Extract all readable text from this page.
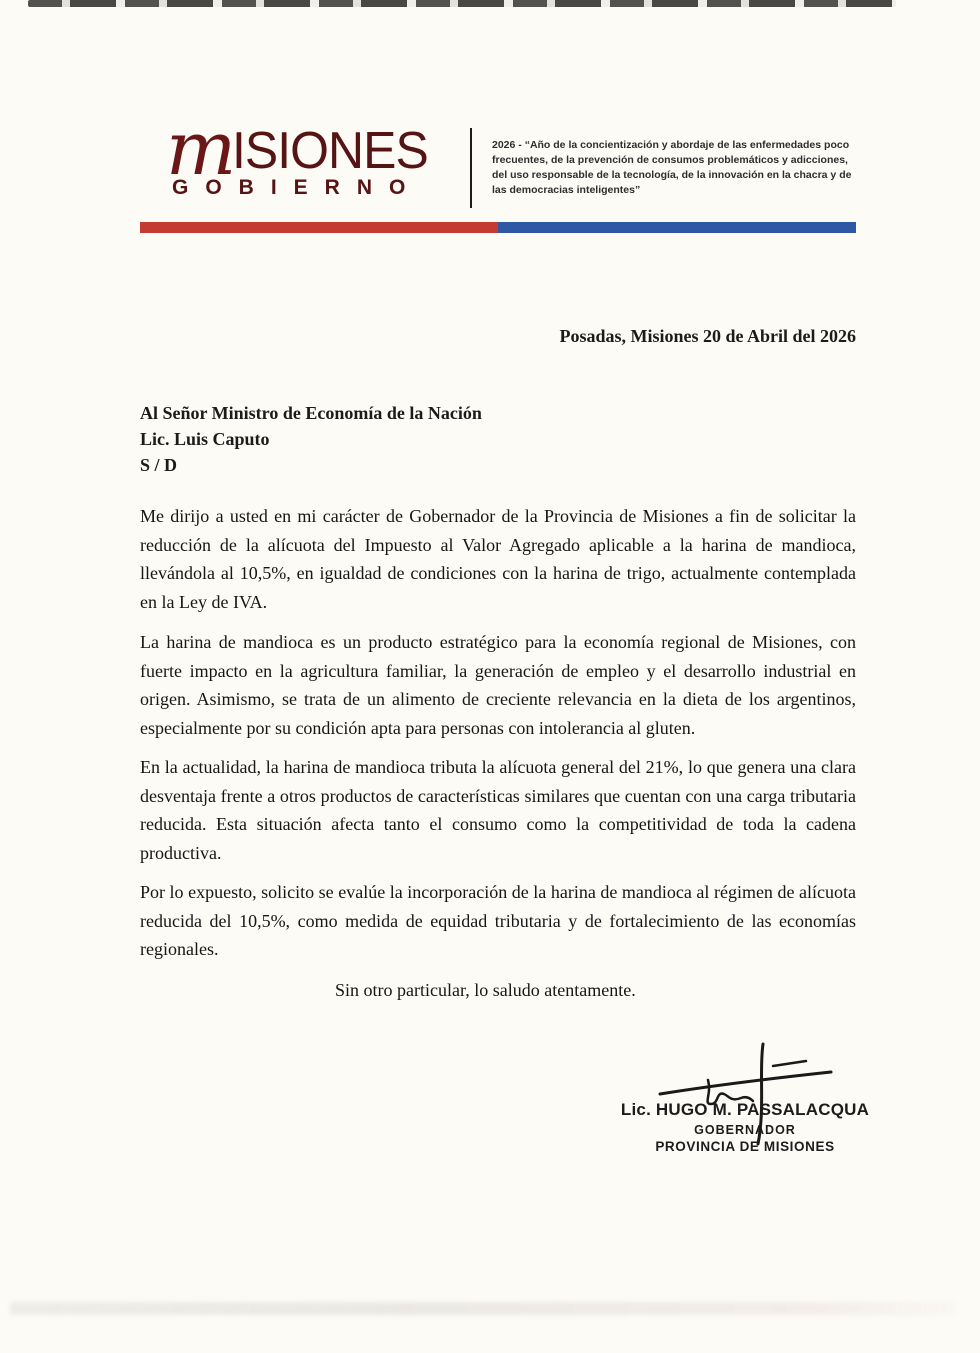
mISIONES
GOBIERNO
2026 - “Año de la concientización y abordaje de las enfermedades poco frecuentes, de la prevención de consumos problemáticos y adicciones, del uso responsable de la tecnología, de la innovación en la chacra y de las democracias inteligentes”
Posadas, Misiones 20 de Abril del 2026
Al Señor Ministro de Economía de la Nación
Lic. Luis Caputo
S / D

Me dirijo a usted en mi carácter de Gobernador de la Provincia de Misiones a fin de solicitar la reducción de la alícuota del Impuesto al Valor Agregado aplicable a la harina de mandioca, llevándola al 10,5%, en igualdad de condiciones con la harina de trigo, actualmente contemplada en la Ley de IVA.

La harina de mandioca es un producto estratégico para la economía regional de Misiones, con fuerte impacto en la agricultura familiar, la generación de empleo y el desarrollo industrial en origen. Asimismo, se trata de un alimento de creciente relevancia en la dieta de los argentinos, especialmente por su condición apta para personas con intolerancia al gluten.

En la actualidad, la harina de mandioca tributa la alícuota general del 21%, lo que genera una clara desventaja frente a otros productos de características similares que cuentan con una carga tributaria reducida. Esta situación afecta tanto el consumo como la competitividad de toda la cadena productiva.

Por lo expuesto, solicito se evalúe la incorporación de la harina de mandioca al régimen de alícuota reducida del 10,5%, como medida de equidad tributaria y de fortalecimiento de las economías regionales.

Sin otro particular, lo saludo atentamente.
Lic. HUGO M. PASSALACQUA
GOBERNADOR
PROVINCIA DE MISIONES
